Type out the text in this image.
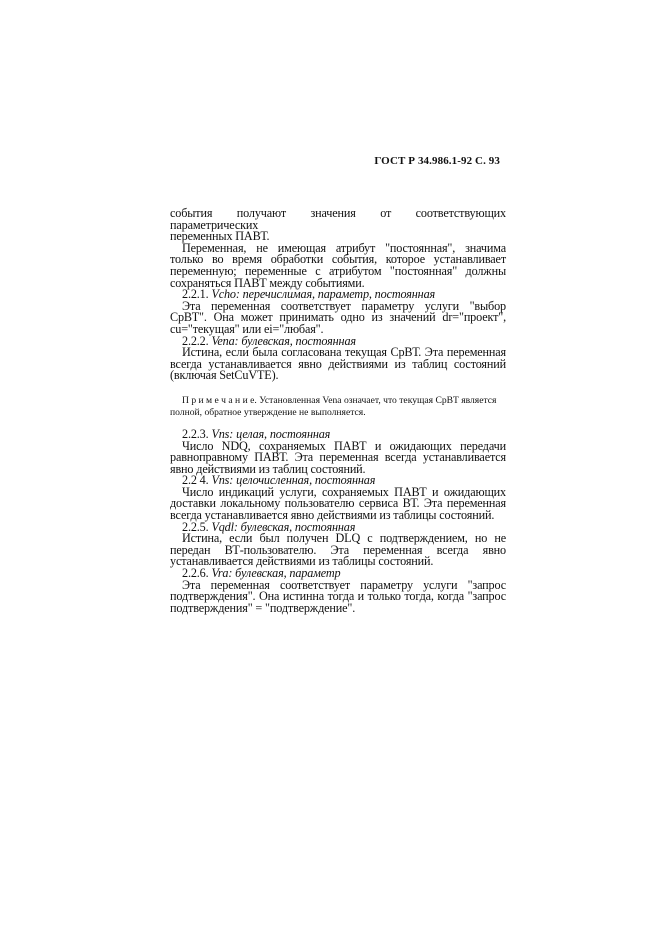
ГОСТ Р 34.986.1-92 С. 93
события получают значения от соответствующих параметрических
переменных ПАВТ.
Переменная, не имеющая атрибут "постоянная", значима
только во время обработки события, которое устанавливает
переменную; переменные с атрибутом "постоянная" должны
сохраняться ПАВТ между событиями.
2.2.1. Vcho: перечислимая, параметр, постоянная
Эта переменная соответствует параметру услуги "выбор
СрВТ". Она может принимать одно из значений dr="проект",
cu="текущая" или ei="любая".
2.2.2. Vena: булевская, постоянная
Истина, если была согласована текущая СрВТ. Эта переменная
всегда устанавливается явно действиями из таблиц состояний
(включая SetCuVTE).
П р и м е ч а н и е. Установленная Vena означает, что текущая СрВТ является
полной, обратное утверждение не выполняется.
2.2.3. Vns: целая, постоянная
Число NDQ, сохраняемых ПАВТ и ожидающих передачи
равноправному ПАВТ. Эта переменная всегда устанавливается
явно действиями из таблиц состояний.
2.2 4. Vns: целочисленная, постоянная
Число индикаций услуги, сохраняемых ПАВТ и ожидающих
доставки локальному пользователю сервиса ВТ. Эта переменная
всегда устанавливается явно действиями из таблицы состояний.
2.2.5. Vqdl: булевская, постоянная
Истина, если был получен DLQ с подтверждением, но не
передан ВТ-пользователю. Эта переменная всегда явно
устанавливается действиями из таблицы состояний.
2.2.6. Vra: булевская, параметр
Эта переменная соответствует параметру услуги "запрос
подтверждения". Она истинна тогда и только тогда, когда "запрос
подтверждения" = "подтверждение".
